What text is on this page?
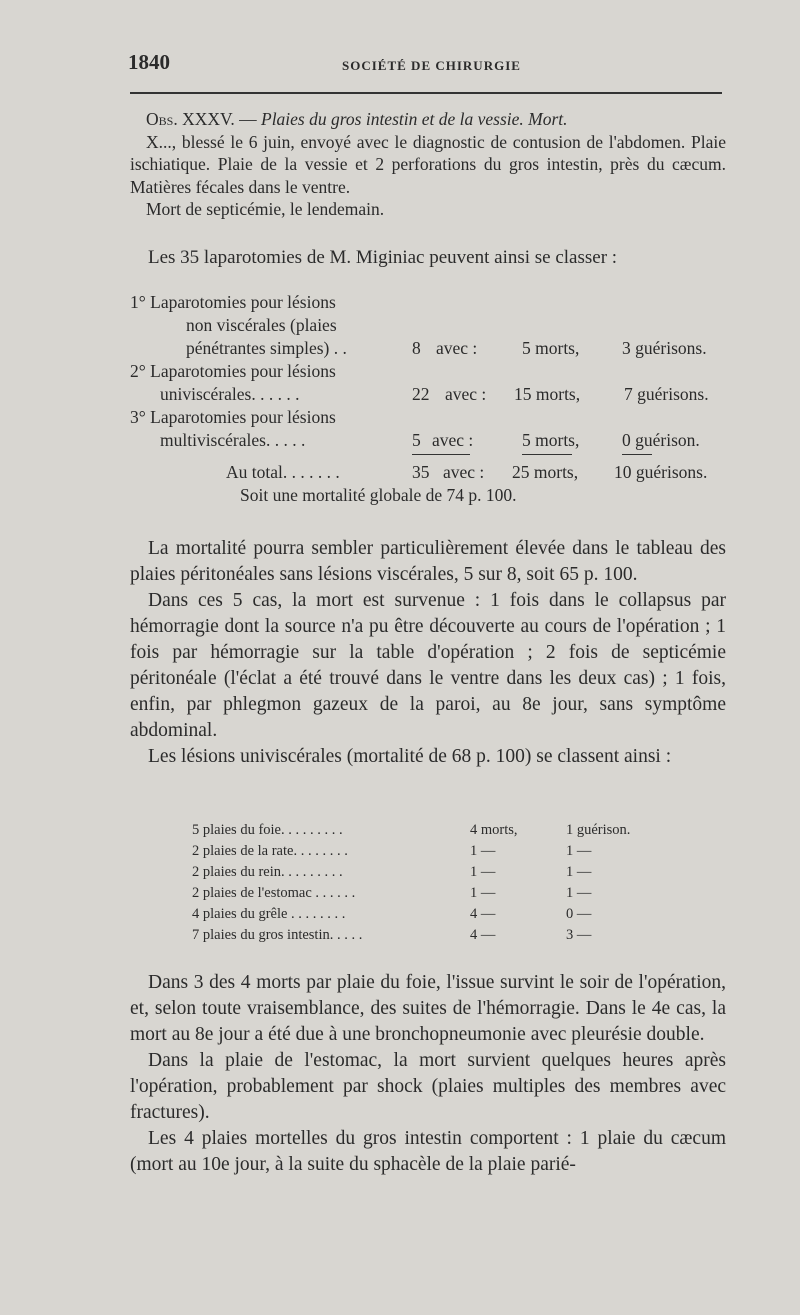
1840	SOCIÉTÉ DE CHIRURGIE
Obs. XXXV. — Plaies du gros intestin et de la vessie. Mort.
X..., blessé le 6 juin, envoyé avec le diagnostic de contusion de l'abdomen. Plaie ischiatique. Plaie de la vessie et 2 perforations du gros intestin, près du cæcum. Matières fécales dans le ventre.
Mort de septicémie, le lendemain.
Les 35 laparotomies de M. Miginiac peuvent ainsi se classer :
1° Laparotomies pour lésions
non viscérales (plaies
pénétrantes simples) . .	8 avec :	5 morts, 3 guérisons.
2° Laparotomies pour lésions
univiscérales. . . . . .	22 avec : 15 morts,	7 guérisons.
3° Laparotomies pour lésions
multiviscérales. . . . .	5 avec :	5 morts, 0 guérison.
Au total. . . . . . .	35 avec : 25 morts, 10 guérisons.
Soit une mortalité globale de 74 p. 100.

La mortalité pourra sembler particulièrement élevée dans le tableau des plaies péritonéales sans lésions viscérales, 5 sur 8, soit 65 p. 100.

Dans ces 5 cas, la mort est survenue : 1 fois dans le collapsus par hémorragie dont la source n'a pu être découverte au cours de l'opération ; 1 fois par hémorragie sur la table d'opération ; 2 fois de septicémie péritonéale (l'éclat a été trouvé dans le ventre dans les deux cas) ; 1 fois, enfin, par phlegmon gazeux de la paroi, au 8e jour, sans symptôme abdominal.

Les lésions univiscérales (mortalité de 68 p. 100) se classent ainsi :

5 plaies du foie. . . . . . . . .	4 morts,	1 guérison.
2 plaies de la rate. . . . . . . .	1 —	1 —
2 plaies du rein. . . . . . . . .	1 —	1 —
2 plaies de l'estomac . . . . . .	1 —	1 —
4 plaies du grêle . . . . . . . .	4 —	0 —
7 plaies du gros intestin. . . . .	4 —	3 —

Dans 3 des 4 morts par plaie du foie, l'issue survint le soir de l'opération, et, selon toute vraisemblance, des suites de l'hémorragie. Dans le 4e cas, la mort au 8e jour a été due à une bronchopneumonie avec pleurésie double.

Dans la plaie de l'estomac, la mort survient quelques heures après l'opération, probablement par shock (plaies multiples des membres avec fractures).

Les 4 plaies mortelles du gros intestin comportent : 1 plaie du cæcum (mort au 10e jour, à la suite du sphacèle de la plaie parié-
